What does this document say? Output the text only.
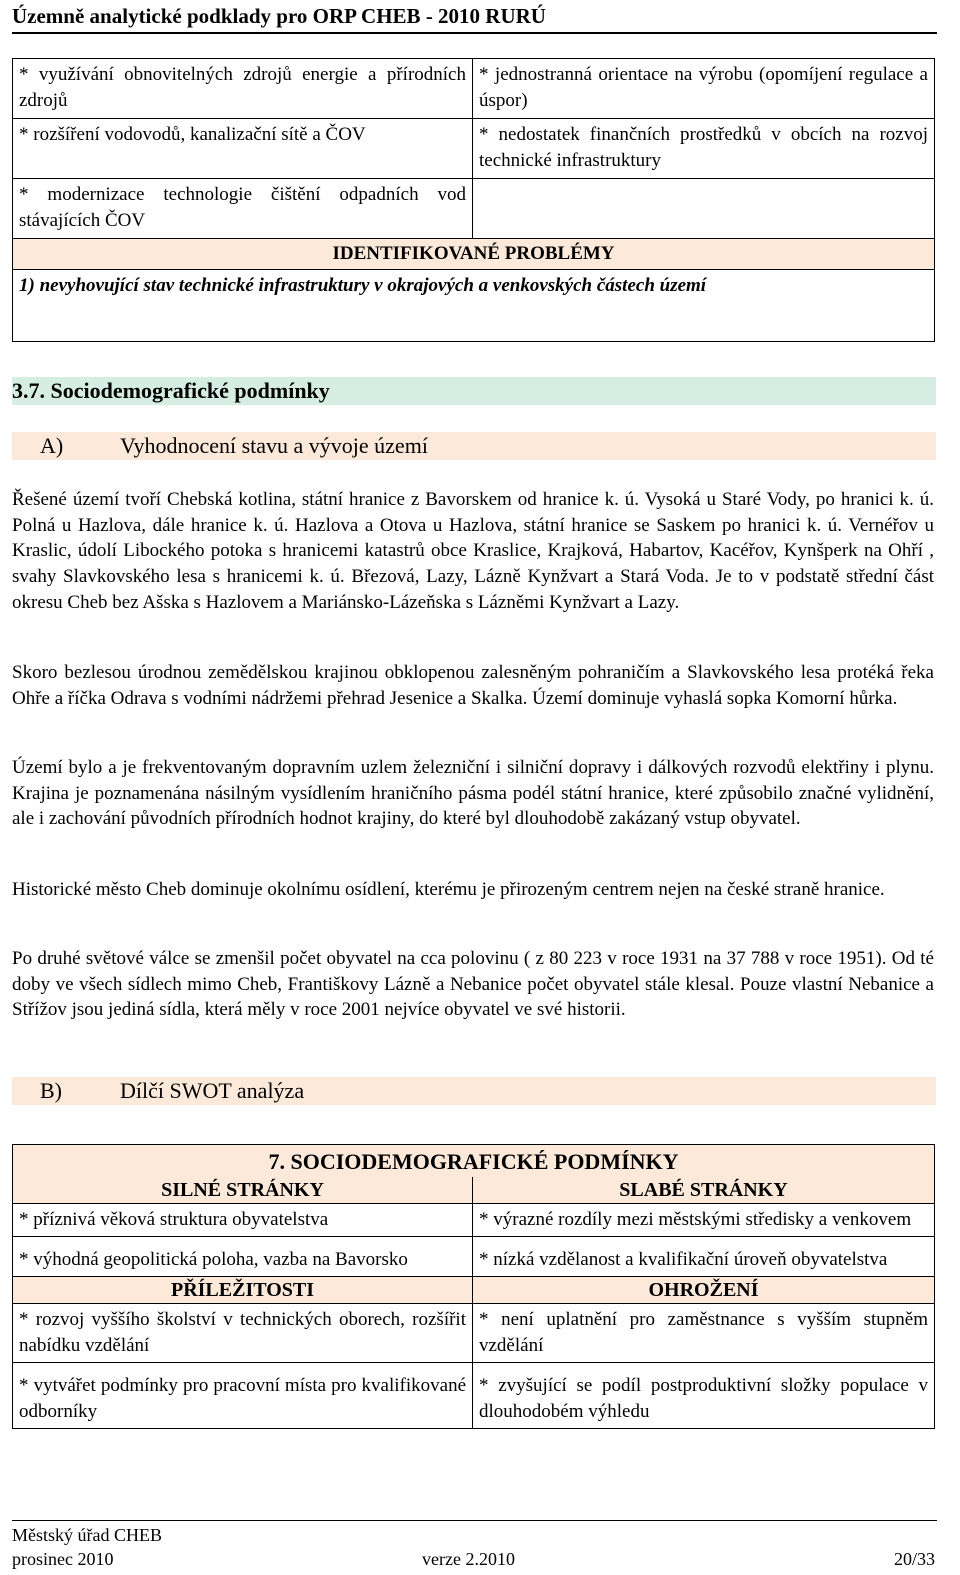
Územně analytické podklady pro ORP CHEB - 2010 RURÚ
* využívání obnovitelných zdrojů energie a přírodních zdrojů	* jednostranná orientace na výrobu (opomíjení regulace a úspor)
* rozšíření vodovodů, kanalizační sítě a ČOV	* nedostatek finančních prostředků v obcích na rozvoj technické infrastruktury
* modernizace technologie čištění odpadních vod stávajících ČOV	
IDENTIFIKOVANÉ PROBLÉMY	
1) nevyhovující stav technické infrastruktury v okrajových a venkovských částech území	
3.7. Sociodemografické podmínky
A)	Vyhodnocení stavu a vývoje území

Řešené území tvoří Chebská kotlina, státní hranice z Bavorskem od hranice k. ú. Vysoká u Staré Vody, po hranici k. ú. Polná u Hazlova, dále hranice k. ú. Hazlova a Otova u Hazlova, státní hranice se Saskem po hranici k. ú. Vernéřov u Kraslic, údolí Libockého potoka s hranicemi katastrů obce Kraslice, Krajková, Habartov, Kacéřov, Kynšperk na Ohří , svahy Slavkovského lesa s hranicemi k. ú. Březová, Lazy, Lázně Kynžvart a Stará Voda. Je to v podstatě střední část okresu Cheb bez Ašska s Hazlovem a Mariánsko-Lázeňska s Lázněmi Kynžvart a Lazy.

Skoro bezlesou úrodnou zemědělskou krajinou obklopenou zalesněným pohraničím a Slavkovského lesa protéká řeka Ohře a říčka Odrava s vodními nádržemi přehrad Jesenice a Skalka. Území dominuje vyhaslá sopka Komorní hůrka.

Území bylo a je frekventovaným dopravním uzlem železniční i silniční dopravy i dálkových rozvodů elektřiny i plynu. Krajina je poznamenána násilným vysídlením hraničního pásma podél státní hranice, které způsobilo značné vylidnění, ale i zachování původních přírodních hodnot krajiny, do které byl dlouhodobě zakázaný vstup obyvatel.

Historické město Cheb dominuje okolnímu osídlení, kterému je přirozeným centrem nejen na české straně hranice.

Po druhé světové válce se zmenšil počet obyvatel na cca polovinu ( z 80 223 v roce 1931 na 37 788 v roce 1951). Od té doby ve všech sídlech mimo Cheb, Františkovy Lázně a Nebanice počet obyvatel stále klesal. Pouze vlastní Nebanice a Střížov jsou jediná sídla, která měly v roce 2001 nejvíce obyvatel ve své historii.

B)	Dílčí SWOT analýza
7. SOCIODEMOGRAFICKÉ PODMÍNKY	
SILNÉ STRÁNKY	SLABÉ STRÁNKY
* příznivá věková struktura obyvatelstva	* výrazné rozdíly mezi městskými středisky a venkovem
* výhodná geopolitická poloha, vazba na Bavorsko	* nízká vzdělanost a kvalifikační úroveň obyvatelstva
PŘÍLEŽITOSTI	OHROŽENÍ
* rozvoj vyššího školství v technických oborech, rozšířit nabídku vzdělání	* není uplatnění pro zaměstnance s vyšším stupněm vzdělání
* vytvářet podmínky pro pracovní místa pro kvalifikované odborníky	* zvyšující se podíl postproduktivní složky populace v dlouhodobém výhledu
Městský úřad CHEB
prosinec 2010	verze 2.2010	20/33
